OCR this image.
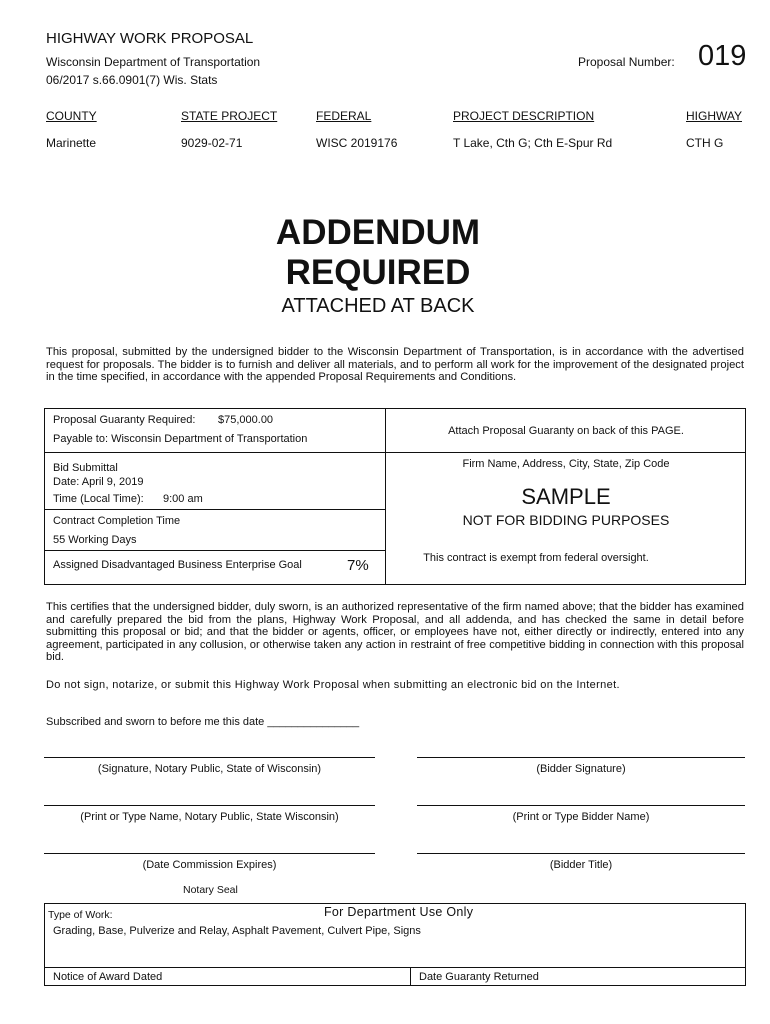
HIGHWAY WORK PROPOSAL
Wisconsin Department of Transportation
06/2017 s.66.0901(7) Wis. Stats
Proposal Number: 019
COUNTY	STATE PROJECT	FEDERAL	PROJECT DESCRIPTION	HIGHWAY
Marinette	9029-02-71	WISC 2019176	T Lake, Cth G; Cth E-Spur Rd	CTH G
ADDENDUM
REQUIRED
ATTACHED AT BACK
This proposal, submitted by the undersigned bidder to the Wisconsin Department of Transportation, is in accordance with the advertised request for proposals. The bidder is to furnish and deliver all materials, and to perform all work for the improvement of the designated project in the time specified, in accordance with the appended Proposal Requirements and Conditions.
Proposal Guaranty Required: $75,000.00
Payable to: Wisconsin Department of Transportation
Attach Proposal Guaranty on back of this PAGE.
Bid Submittal
Date: April 9, 2019
Time (Local Time): 9:00 am
Contract Completion Time
55 Working Days
Assigned Disadvantaged Business Enterprise Goal	7%
Firm Name, Address, City, State, Zip Code
SAMPLE
NOT FOR BIDDING PURPOSES
This contract is exempt from federal oversight.
This certifies that the undersigned bidder, duly sworn, is an authorized representative of the firm named above; that the bidder has examined and carefully prepared the bid from the plans, Highway Work Proposal, and all addenda, and has checked the same in detail before submitting this proposal or bid; and that the bidder or agents, officer, or employees have not, either directly or indirectly, entered into any agreement, participated in any collusion, or otherwise taken any action in restraint of free competitive bidding in connection with this proposal bid.
Do not sign, notarize, or submit this Highway Work Proposal when submitting an electronic bid on the Internet.
Subscribed and sworn to before me this date _______________
(Signature, Notary Public, State of Wisconsin)	(Bidder Signature)
(Print or Type Name, Notary Public, State Wisconsin)	(Print or Type Bidder Name)
(Date Commission Expires)	(Bidder Title)
Notary Seal
Type of Work:	For Department Use Only
Grading, Base, Pulverize and Relay, Asphalt Pavement, Culvert Pipe, Signs
Notice of Award Dated	Date Guaranty Returned
